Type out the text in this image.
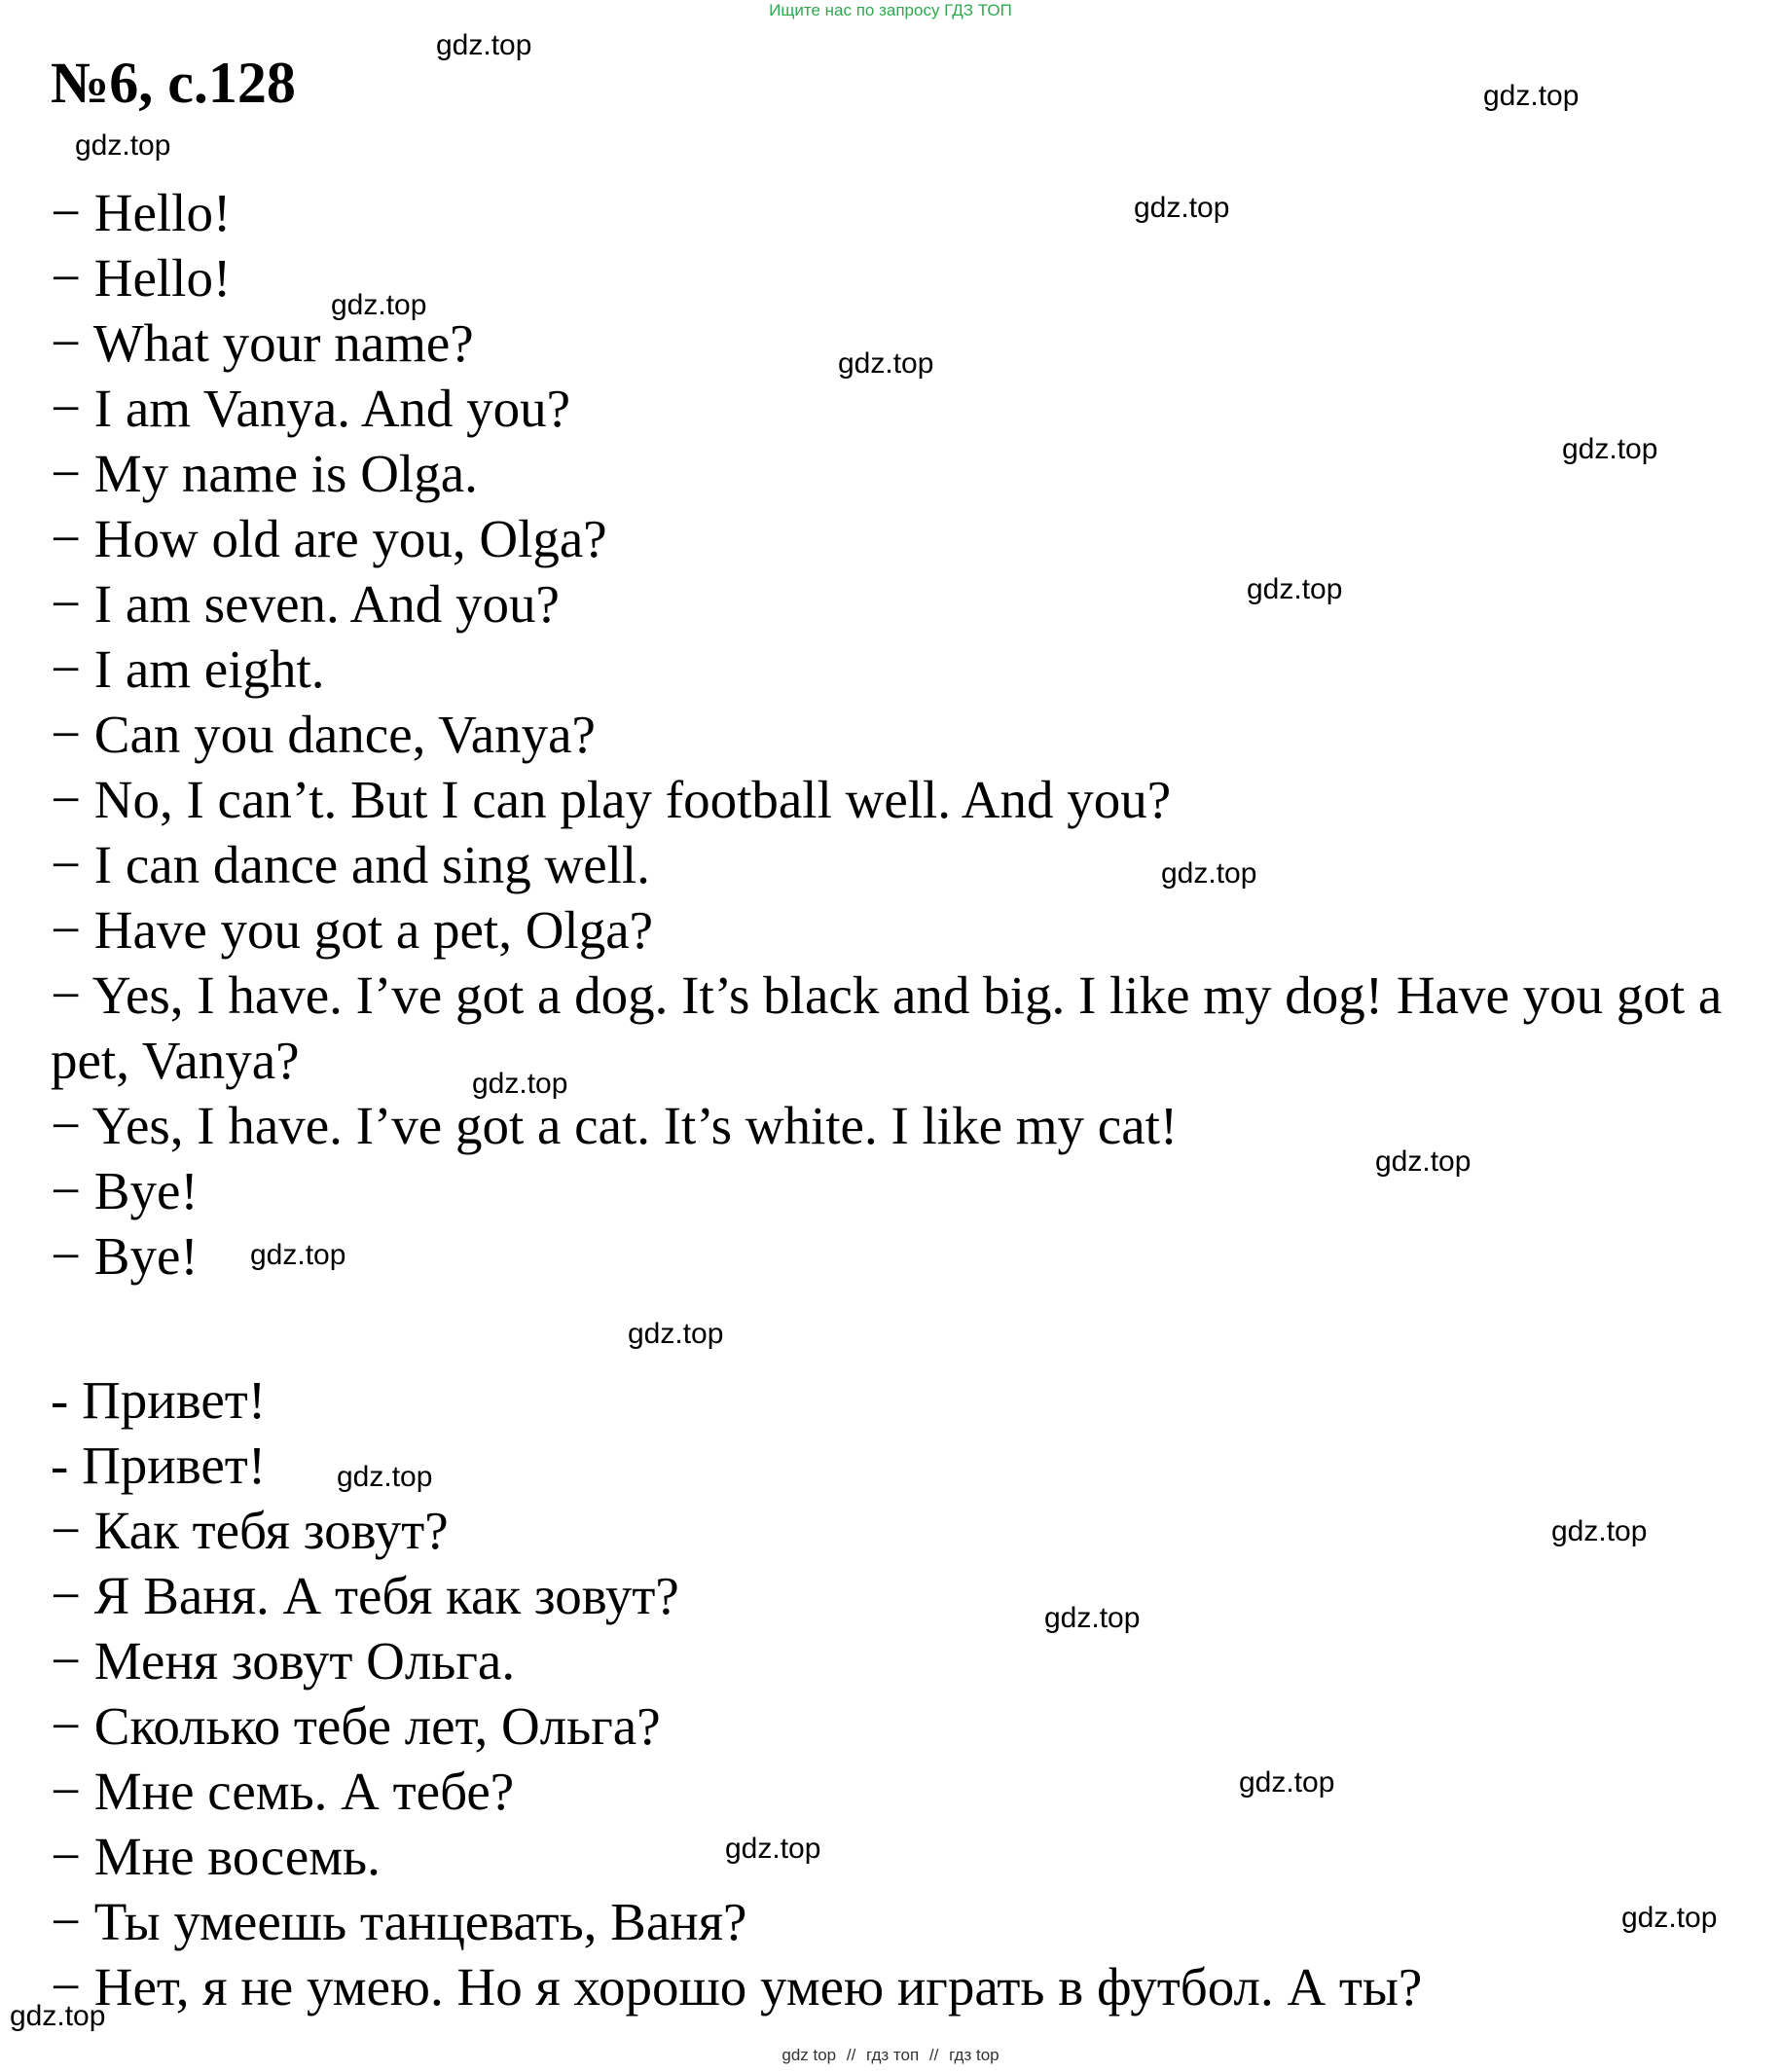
Ищите нас по запросу ГДЗ ТОП
№6, с.128
− Hello!
− Hello!
− What your name?
− I am Vanya. And you?
− My name is Olga.
− How old are you, Olga?
− I am seven. And you?
− I am eight.
− Can you dance, Vanya?
− No, I can’t. But I can play football well. And you?
− I can dance and sing well.
− Have you got a pet, Olga?
− Yes, I have. I’ve got a dog. It’s black and big. I like my dog! Have you got a pet, Vanya?
− Yes, I have. I’ve got a cat. It’s white. I like my cat!
− Bye!
− Bye!
- Привет!
- Привет!
− Как тебя зовут?
− Я Ваня. А тебя как зовут?
− Меня зовут Ольга.
− Сколько тебе лет, Ольга?
− Мне семь. А тебе?
− Мне восемь.
− Ты умеешь танцевать, Ваня?
− Нет, я не умею. Но я хорошо умею играть в футбол. А ты?
gdz.top
gdz.top
gdz.top
gdz.top
gdz.top
gdz.top
gdz.top
gdz.top
gdz.top
gdz.top
gdz.top
gdz.top
gdz.top
gdz.top
gdz.top
gdz.top
gdz.top
gdz.top
gdz.top
gdz.top
gdz top // гдз топ // гдз top
